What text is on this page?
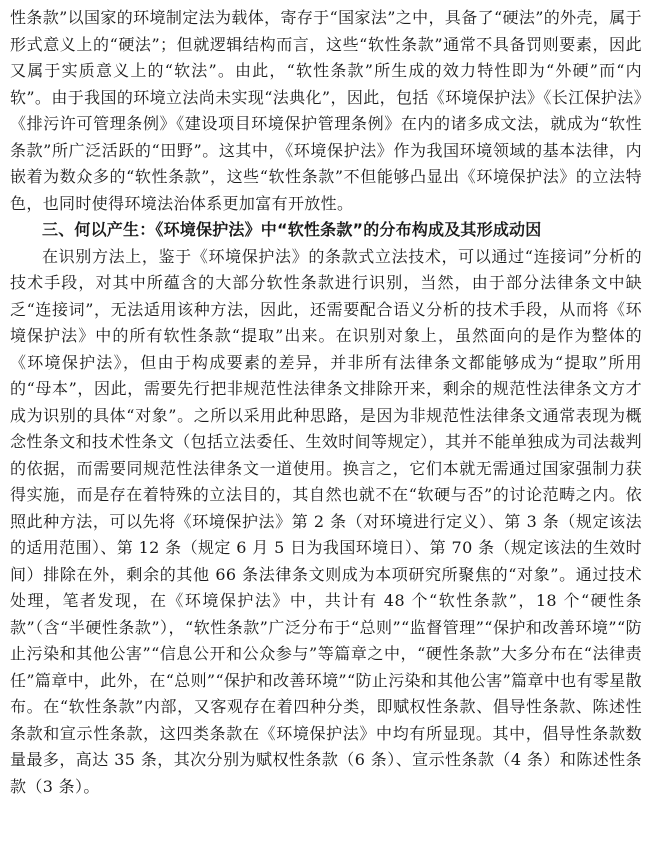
性条款”以国家的环境制定法为载体，寄存于“国家法”之中，具备了“硬法”的外壳，属于形式意义上的“硬法”；但就逻辑结构而言，这些“软性条款”通常不具备罚则要素，因此又属于实质意义上的“软法”。由此，“软性条款”所生成的效力特性即为“外硬”而“内软”。由于我国的环境立法尚未实现“法典化”，因此，包括《环境保护法》《长江保护法》《排污许可管理条例》《建设项目环境保护管理条例》在内的诸多成文法，就成为“软性条款”所广泛活跃的“田野”。这其中，《环境保护法》作为我国环境领域的基本法律，内嵌着为数众多的“软性条款”，这些“软性条款”不但能够凸显出《环境保护法》的立法特色，也同时使得环境法治体系更加富有开放性。

三、何以产生：《环境保护法》中“软性条款”的分布构成及其形成动因

在识别方法上，鉴于《环境保护法》的条款式立法技术，可以通过“连接词”分析的技术手段，对其中所蕴含的大部分软性条款进行识别，当然，由于部分法律条文中缺乏“连接词”，无法适用该种方法，因此，还需要配合语义分析的技术手段，从而将《环境保护法》中的所有软性条款“提取”出来。在识别对象上，虽然面向的是作为整体的《环境保护法》，但由于构成要素的差异，并非所有法律条文都能够成为“提取”所用的“母本”，因此，需要先行把非规范性法律条文排除开来，剩余的规范性法律条文方才成为识别的具体“对象”。之所以采用此种思路，是因为非规范性法律条文通常表现为概念性条文和技术性条文（包括立法委任、生效时间等规定），其并不能单独成为司法裁判的依据，而需要同规范性法律条文一道使用。换言之，它们本就无需通过国家强制力获得实施，而是存在着特殊的立法目的，其自然也就不在“软硬与否”的讨论范畴之内。依照此种方法，可以先将《环境保护法》第 2 条（对环境进行定义）、第 3 条（规定该法的适用范围）、第 12 条（规定 6 月 5 日为我国环境日）、第 70 条（规定该法的生效时间）排除在外，剩余的其他 66 条法律条文则成为本项研究所聚焦的“对象”。通过技术处理，笔者发现，在《环境保护法》中，共计有 48 个“软性条款”，18 个“硬性条款”（含“半硬性条款”），“软性条款”广泛分布于“总则”“监督管理”“保护和改善环境”“防止污染和其他公害”“信息公开和公众参与”等篇章之中，“硬性条款”大多分布在“法律责任”篇章中，此外，在“总则”“保护和改善环境”“防止污染和其他公害”篇章中也有零星散布。在“软性条款”内部，又客观存在着四种分类，即赋权性条款、倡导性条款、陈述性条款和宣示性条款，这四类条款在《环境保护法》中均有所显现。其中，倡导性条款数量最多，高达 35 条，其次分别为赋权性条款（6 条）、宣示性条款（4 条）和陈述性条款（3 条）。
